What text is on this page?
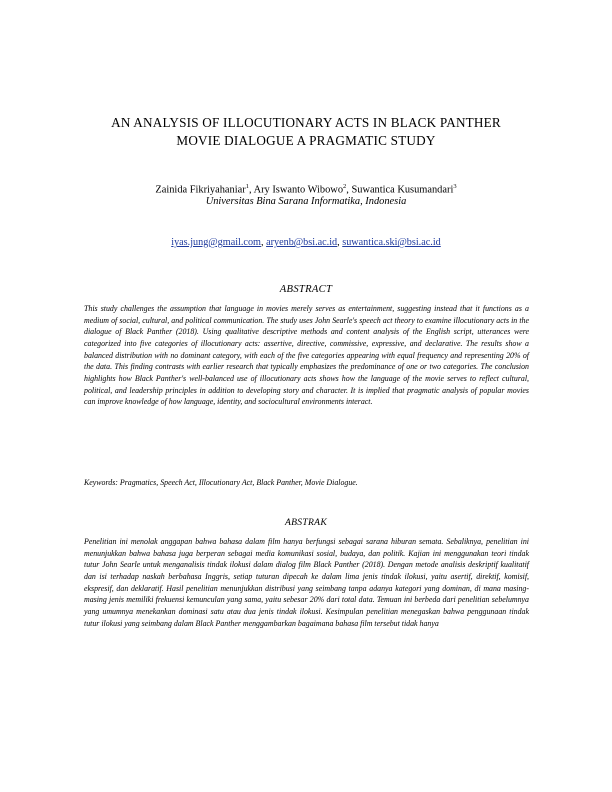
AN ANALYSIS OF ILLOCUTIONARY ACTS IN BLACK PANTHER
MOVIE DIALOGUE A PRAGMATIC STUDY
Zainida Fikriyahaniar$^1$, Ary Iswanto Wibowo$^2$, Suwantica Kusumandari$^3$
Universitas Bina Sarana Informatika, Indonesia
iyas.jung@gmail.com, aryenb@bsi.ac.id, suwantica.ski@bsi.ac.id
ABSTRACT
This study challenges the assumption that language in movies merely serves as entertainment, suggesting instead that it functions as a medium of social, cultural, and political communication. The study uses John Searle's speech act theory to examine illocutionary acts in the dialogue of Black Panther (2018). Using qualitative descriptive methods and content analysis of the English script, utterances were categorized into five categories of illocutionary acts: assertive, directive, commissive, expressive, and declarative. The results show a balanced distribution with no dominant category, with each of the five categories appearing with equal frequency and representing 20% of the data. This finding contrasts with earlier research that typically emphasizes the predominance of one or two categories. The conclusion highlights how Black Panther's well-balanced use of illocutionary acts shows how the language of the movie serves to reflect cultural, political, and leadership principles in addition to developing story and character. It is implied that pragmatic analysis of popular movies can improve knowledge of how language, identity, and sociocultural environments interact.
Keywords: Pragmatics, Speech Act, Illocutionary Act, Black Panther, Movie Dialogue.
ABSTRAK
Penelitian ini menolak anggapan bahwa bahasa dalam film hanya berfungsi sebagai sarana hiburan semata. Sebaliknya, penelitian ini menunjukkan bahwa bahasa juga berperan sebagai media komunikasi sosial, budaya, dan politik. Kajian ini menggunakan teori tindak tutur John Searle untuk menganalisis tindak ilokusi dalam dialog film Black Panther (2018). Dengan metode analisis deskriptif kualitatif dan isi terhadap naskah berbahasa Inggris, setiap tuturan dipecah ke dalam lima jenis tindak ilokusi, yaitu asertif, direktif, komisif, ekspresif, dan deklaratif. Hasil penelitian menunjukkan distribusi yang seimbang tanpa adanya kategori yang dominan, di mana masing-masing jenis memiliki frekuensi kemunculan yang sama, yaitu sebesar 20% dari total data. Temuan ini berbeda dari penelitian sebelumnya yang umumnya menekankan dominasi satu atau dua jenis tindak ilokusi. Kesimpulan penelitian menegaskan bahwa penggunaan tindak tutur ilokusi yang seimbang dalam Black Panther menggambarkan bagaimana bahasa film tersebut tidak hanya
